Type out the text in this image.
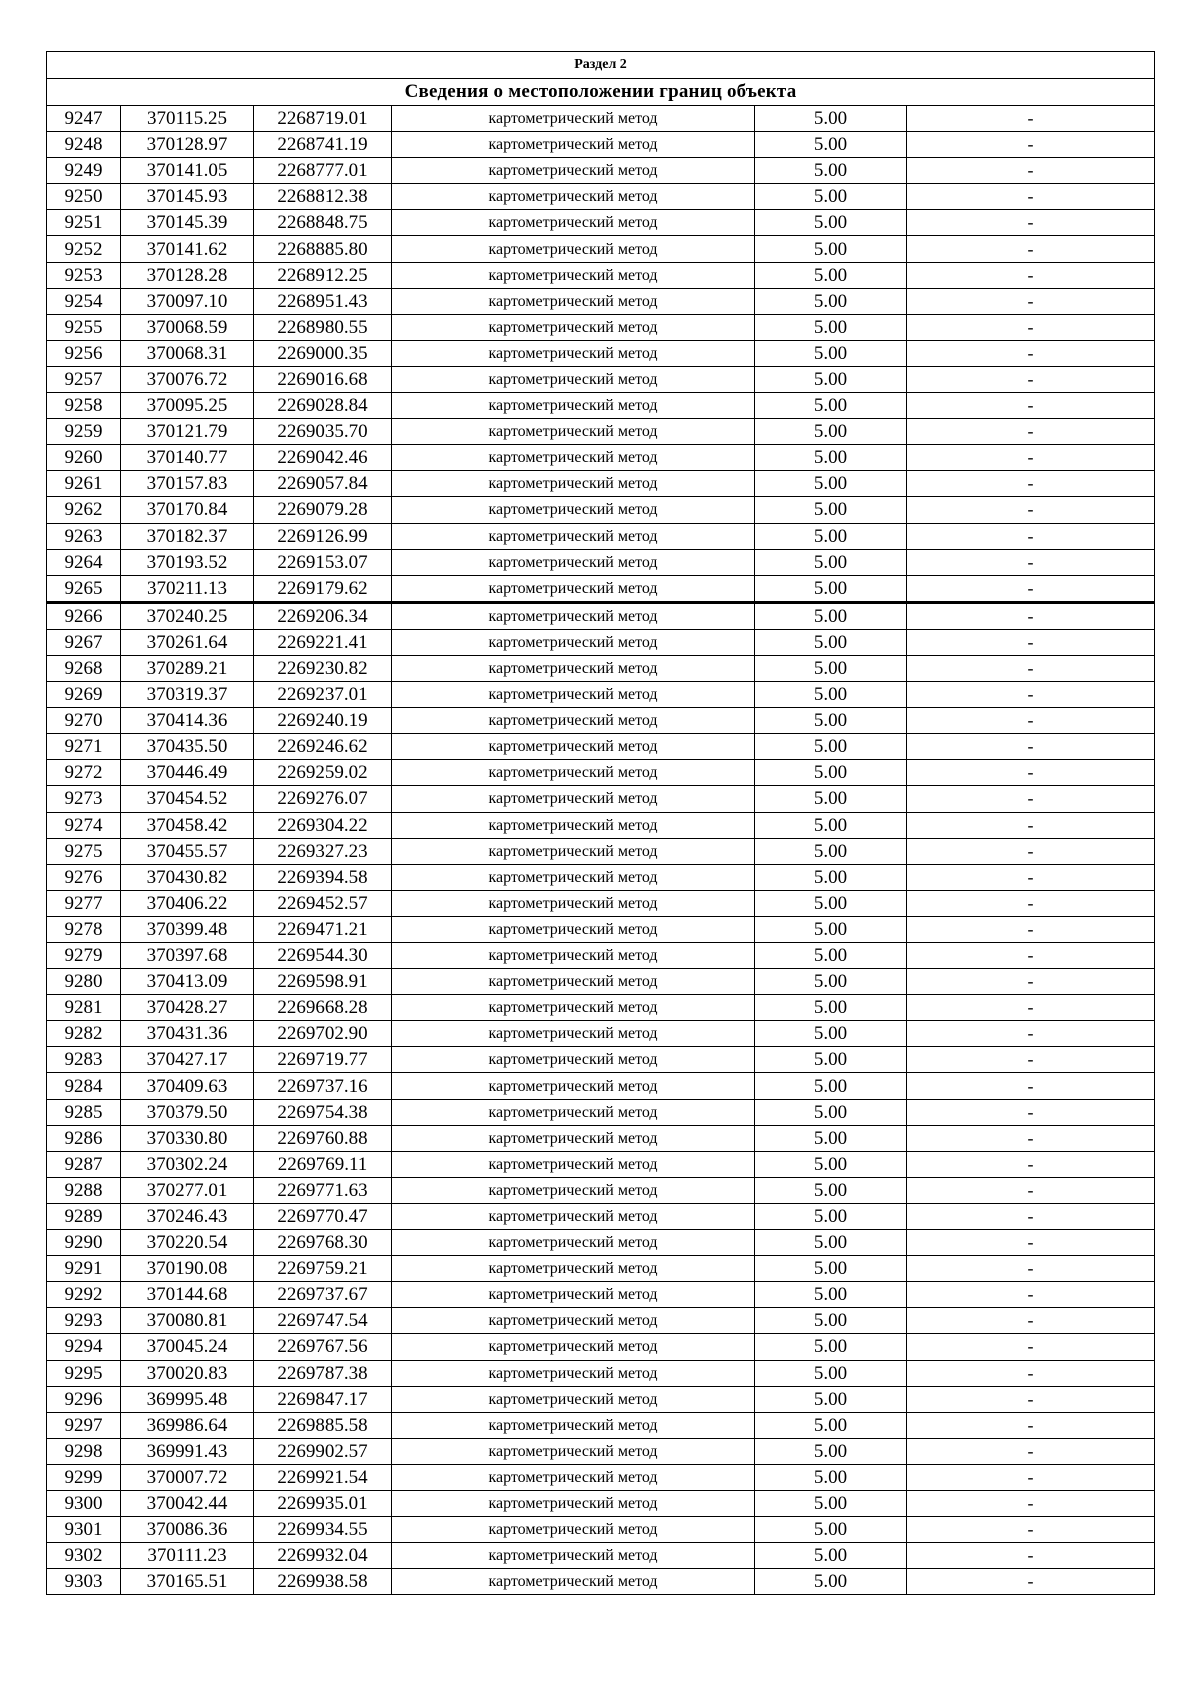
Раздел 2					
Сведения о местоположении границ объекта					
9247	370115.25	2268719.01	картометрический метод	5.00	-
9248	370128.97	2268741.19	картометрический метод	5.00	-
9249	370141.05	2268777.01	картометрический метод	5.00	-
9250	370145.93	2268812.38	картометрический метод	5.00	-
9251	370145.39	2268848.75	картометрический метод	5.00	-
9252	370141.62	2268885.80	картометрический метод	5.00	-
9253	370128.28	2268912.25	картометрический метод	5.00	-
9254	370097.10	2268951.43	картометрический метод	5.00	-
9255	370068.59	2268980.55	картометрический метод	5.00	-
9256	370068.31	2269000.35	картометрический метод	5.00	-
9257	370076.72	2269016.68	картометрический метод	5.00	-
9258	370095.25	2269028.84	картометрический метод	5.00	-
9259	370121.79	2269035.70	картометрический метод	5.00	-
9260	370140.77	2269042.46	картометрический метод	5.00	-
9261	370157.83	2269057.84	картометрический метод	5.00	-
9262	370170.84	2269079.28	картометрический метод	5.00	-
9263	370182.37	2269126.99	картометрический метод	5.00	-
9264	370193.52	2269153.07	картометрический метод	5.00	-
9265	370211.13	2269179.62	картометрический метод	5.00	-
9266	370240.25	2269206.34	картометрический метод	5.00	-
9267	370261.64	2269221.41	картометрический метод	5.00	-
9268	370289.21	2269230.82	картометрический метод	5.00	-
9269	370319.37	2269237.01	картометрический метод	5.00	-
9270	370414.36	2269240.19	картометрический метод	5.00	-
9271	370435.50	2269246.62	картометрический метод	5.00	-
9272	370446.49	2269259.02	картометрический метод	5.00	-
9273	370454.52	2269276.07	картометрический метод	5.00	-
9274	370458.42	2269304.22	картометрический метод	5.00	-
9275	370455.57	2269327.23	картометрический метод	5.00	-
9276	370430.82	2269394.58	картометрический метод	5.00	-
9277	370406.22	2269452.57	картометрический метод	5.00	-
9278	370399.48	2269471.21	картометрический метод	5.00	-
9279	370397.68	2269544.30	картометрический метод	5.00	-
9280	370413.09	2269598.91	картометрический метод	5.00	-
9281	370428.27	2269668.28	картометрический метод	5.00	-
9282	370431.36	2269702.90	картометрический метод	5.00	-
9283	370427.17	2269719.77	картометрический метод	5.00	-
9284	370409.63	2269737.16	картометрический метод	5.00	-
9285	370379.50	2269754.38	картометрический метод	5.00	-
9286	370330.80	2269760.88	картометрический метод	5.00	-
9287	370302.24	2269769.11	картометрический метод	5.00	-
9288	370277.01	2269771.63	картометрический метод	5.00	-
9289	370246.43	2269770.47	картометрический метод	5.00	-
9290	370220.54	2269768.30	картометрический метод	5.00	-
9291	370190.08	2269759.21	картометрический метод	5.00	-
9292	370144.68	2269737.67	картометрический метод	5.00	-
9293	370080.81	2269747.54	картометрический метод	5.00	-
9294	370045.24	2269767.56	картометрический метод	5.00	-
9295	370020.83	2269787.38	картометрический метод	5.00	-
9296	369995.48	2269847.17	картометрический метод	5.00	-
9297	369986.64	2269885.58	картометрический метод	5.00	-
9298	369991.43	2269902.57	картометрический метод	5.00	-
9299	370007.72	2269921.54	картометрический метод	5.00	-
9300	370042.44	2269935.01	картометрический метод	5.00	-
9301	370086.36	2269934.55	картометрический метод	5.00	-
9302	370111.23	2269932.04	картометрический метод	5.00	-
9303	370165.51	2269938.58	картометрический метод	5.00	-
